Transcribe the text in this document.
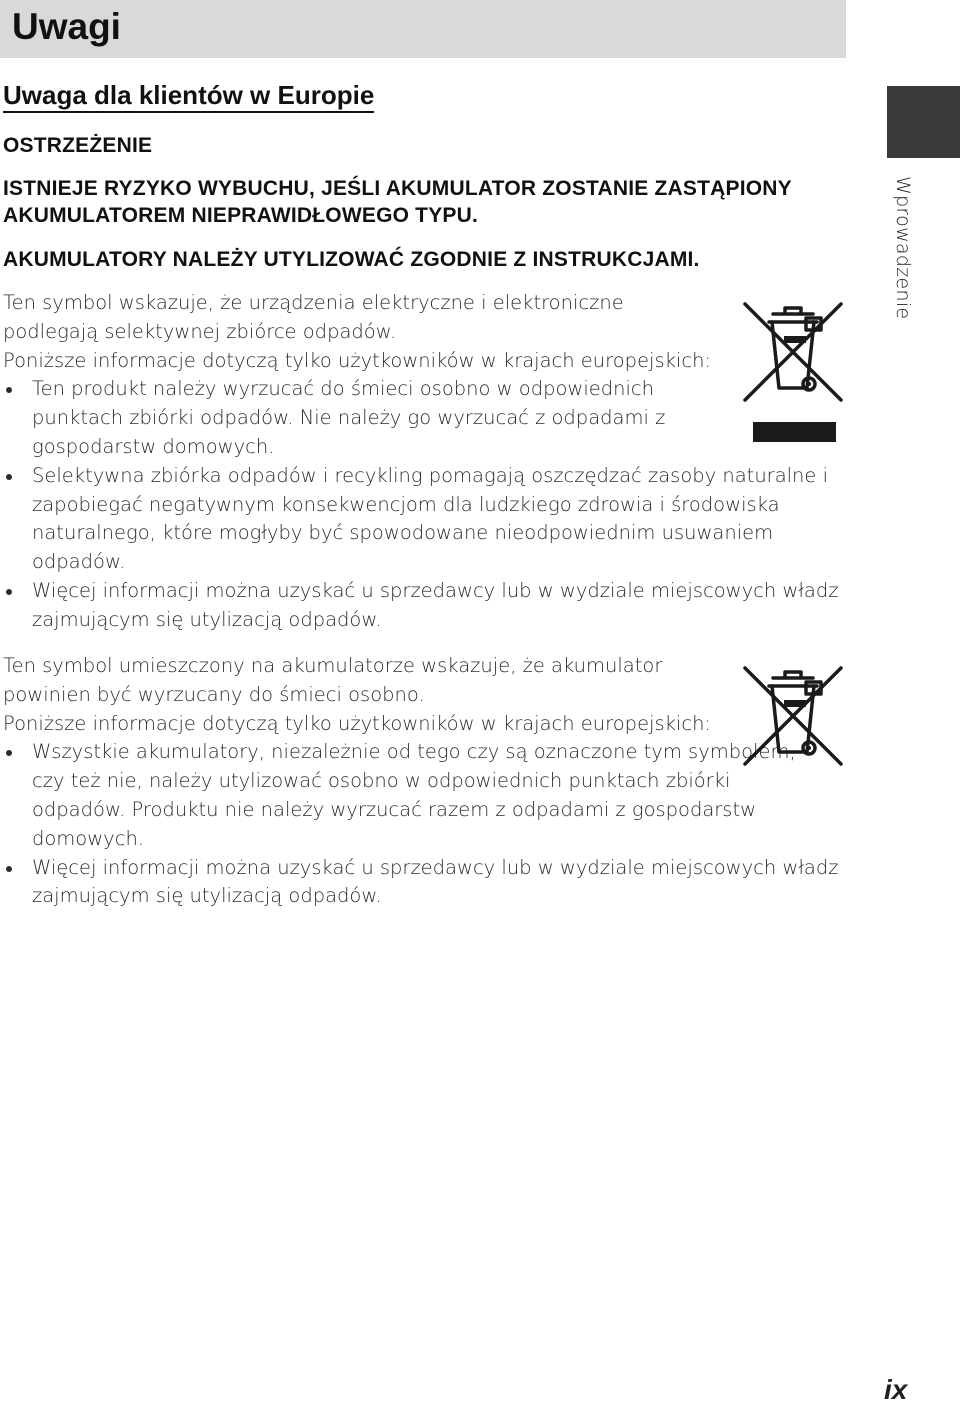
Uwagi
Wprowadzenie
Uwaga dla klientów w Europie
OSTRZEŻENIE
ISTNIEJE RYZYKO WYBUCHU, JEŚLI AKUMULATOR ZOSTANIE ZASTĄPIONY
AKUMULATOREM NIEPRAWIDŁOWEGO TYPU.
AKUMULATORY NALEŻY UTYLIZOWAĆ ZGODNIE Z INSTRUKCJAMI.

Ten symbol wskazuje, że urządzenia elektryczne i elektroniczne podlegają selektywnej zbiórce odpadów.

Poniższe informacje dotyczą tylko użytkowników w krajach europejskich:

Ten produkt należy wyrzucać do śmieci osobno w odpowiednich punktach zbiórki odpadów. Nie należy go wyrzucać z odpadami z gospodarstw domowych.
Selektywna zbiórka odpadów i recykling pomagają oszczędzać zasoby naturalne i zapobiegać negatywnym konsekwencjom dla ludzkiego zdrowia i środowiska naturalnego, które mogłyby być spowodowane nieodpowiednim usuwaniem odpadów.
Więcej informacji można uzyskać u sprzedawcy lub w wydziale miejscowych władz zajmującym się utylizacją odpadów.

Ten symbol umieszczony na akumulatorze wskazuje, że akumulator powinien być wyrzucany do śmieci osobno.

Poniższe informacje dotyczą tylko użytkowników w krajach europejskich:

Wszystkie akumulatory, niezależnie od tego czy są oznaczone tym symbolem, czy też nie, należy utylizować osobno w odpowiednich punktach zbiórki odpadów. Produktu nie należy wyrzucać razem z odpadami z gospodarstw domowych.
Więcej informacji można uzyskać u sprzedawcy lub w wydziale miejscowych władz zajmującym się utylizacją odpadów.
ix
